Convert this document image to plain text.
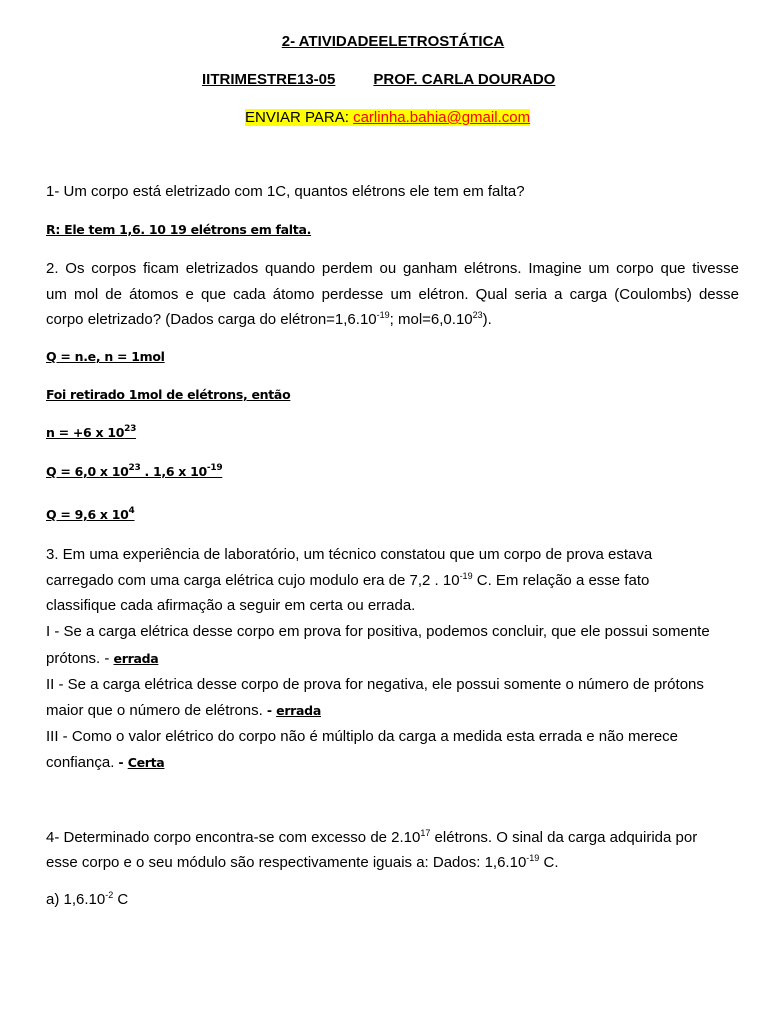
2- ATIVIDADEELETROSTÁTICA
IITRIMESTRE13-05	PROF. CARLA DOURADO
ENVIAR PARA: carlinha.bahia@gmail.com
1- Um corpo está eletrizado com 1C, quantos elétrons ele tem em falta?
R: Ele tem 1,6. 10 19 elétrons em falta.
2. Os corpos ficam eletrizados quando perdem ou ganham elétrons. Imagine um corpo que tivesse
um mol de átomos e que cada átomo perdesse um elétron. Qual seria a carga (Coulombs) desse
corpo eletrizado? (Dados carga do $elétron=1,6.10^{-19}$; $mol=6,0.10^{23}$).
Q = n.e, n = 1mol
Foi retirado 1mol de elétrons, então
n = +6 x $10^{23}$
Q = 6,0 x $10^{23}$ . 1,6 x $10^{-19}$
Q = 9,6 x $10^4$
3. Em uma experiência de laboratório, um técnico constatou que um corpo de prova estava
carregado com uma carga elétrica cujo modulo era de 7,2 . $10^{-19}$ C. Em relação a esse fato
classifique cada afirmação a seguir em certa ou errada.
I - Se a carga elétrica desse corpo em prova for positiva, podemos concluir, que ele possui somente
prótons. - errada
II - Se a carga elétrica desse corpo de prova for negativa, ele possui somente o número de prótons
maior que o número de elétrons. - errada
III - Como o valor elétrico do corpo não é múltiplo da carga a medida esta errada e não merece
confiança. - Certa
4- Determinado corpo encontra-se com excesso de 2.10$^{17}$ elétrons. O sinal da carga adquirida por
esse corpo e o seu módulo são respectivamente iguais a: Dados: $1,6.10^{-19}$ C.
a) $1,6.10^{-2}$ C
